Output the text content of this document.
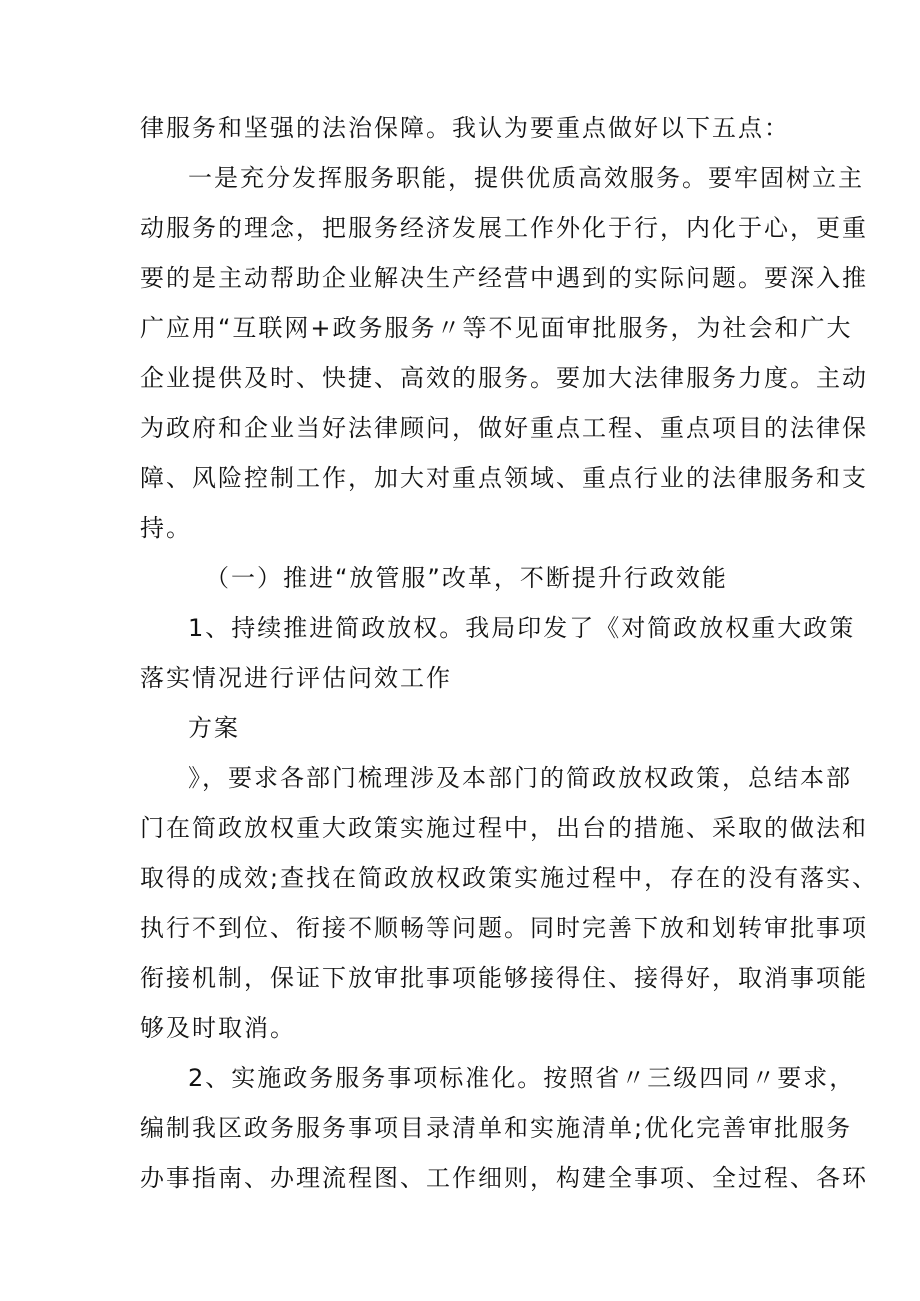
律服务和坚强的法治保障。我认为要重点做好以下五点：
一是充分发挥服务职能，提供优质高效服务。要牢固树立主
动服务的理念，把服务经济发展工作外化于行，内化于心，更重
要的是主动帮助企业解决生产经营中遇到的实际问题。要深入推
广应用“互联网+政务服务〃等不见面审批服务，为社会和广大
企业提供及时、快捷、高效的服务。要加大法律服务力度。主动
为政府和企业当好法律顾问，做好重点工程、重点项目的法律保
障、风险控制工作，加大对重点领域、重点行业的法律服务和支
持。
（一）推进“放管服”改革，不断提升行政效能
1、持续推进简政放权。我局印发了《对简政放权重大政策
落实情况进行评估问效工作
方案
》，要求各部门梳理涉及本部门的简政放权政策，总结本部
门在简政放权重大政策实施过程中，出台的措施、采取的做法和
取得的成效;查找在简政放权政策实施过程中，存在的没有落实、
执行不到位、衔接不顺畅等问题。同时完善下放和划转审批事项
衔接机制，保证下放审批事项能够接得住、接得好，取消事项能
够及时取消。
2、实施政务服务事项标准化。按照省〃三级四同〃要求，
编制我区政务服务事项目录清单和实施清单;优化完善审批服务
办事指南、办理流程图、工作细则，构建全事项、全过程、各环
